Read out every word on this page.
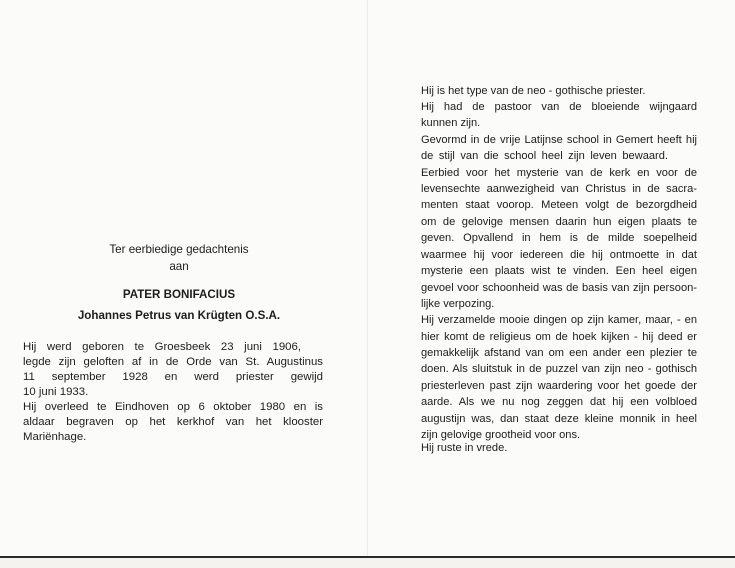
Ter eerbiedige gedachtenis
aan
PATER BONIFACIUS
Johannes Petrus van Krügten O.S.A.
Hij werd geboren te Groesbeek 23 juni 1906,
legde zijn geloften af in de Orde van St. Augustinus
11 september 1928 en werd priester gewijd
10 juni 1933.
Hij overleed te Eindhoven op 6 oktober 1980 en is
aldaar begraven op het kerkhof van het klooster
Mariënhage.
Hij is het type van de neo - gothische priester.
Hij had de pastoor van de bloeiende wijngaard
kunnen zijn.
Gevormd in de vrije Latijnse school in Gemert heeft hij
de stijl van die school heel zijn leven bewaard.
Eerbied voor het mysterie van de kerk en voor de
levensechte aanwezigheid van Christus in de sacra-
menten staat voorop. Meteen volgt de bezorgdheid
om de gelovige mensen daarin hun eigen plaats te
geven. Opvallend in hem is de milde soepelheid
waarmee hij voor iedereen die hij ontmoette in dat
mysterie een plaats wist te vinden. Een heel eigen
gevoel voor schoonheid was de basis van zijn persoon-
lijke verpozing.
Hij verzamelde mooie dingen op zijn kamer, maar, - en
hier komt de religieus om de hoek kijken - hij deed er
gemakkelijk afstand van om een ander een plezier te
doen. Als sluitstuk in de puzzel van zijn neo - gothisch
priesterleven past zijn waardering voor het goede der
aarde. Als we nu nog zeggen dat hij een volbloed
augustijn was, dan staat deze kleine monnik in heel
zijn gelovige grootheid voor ons.
Hij ruste in vrede.
